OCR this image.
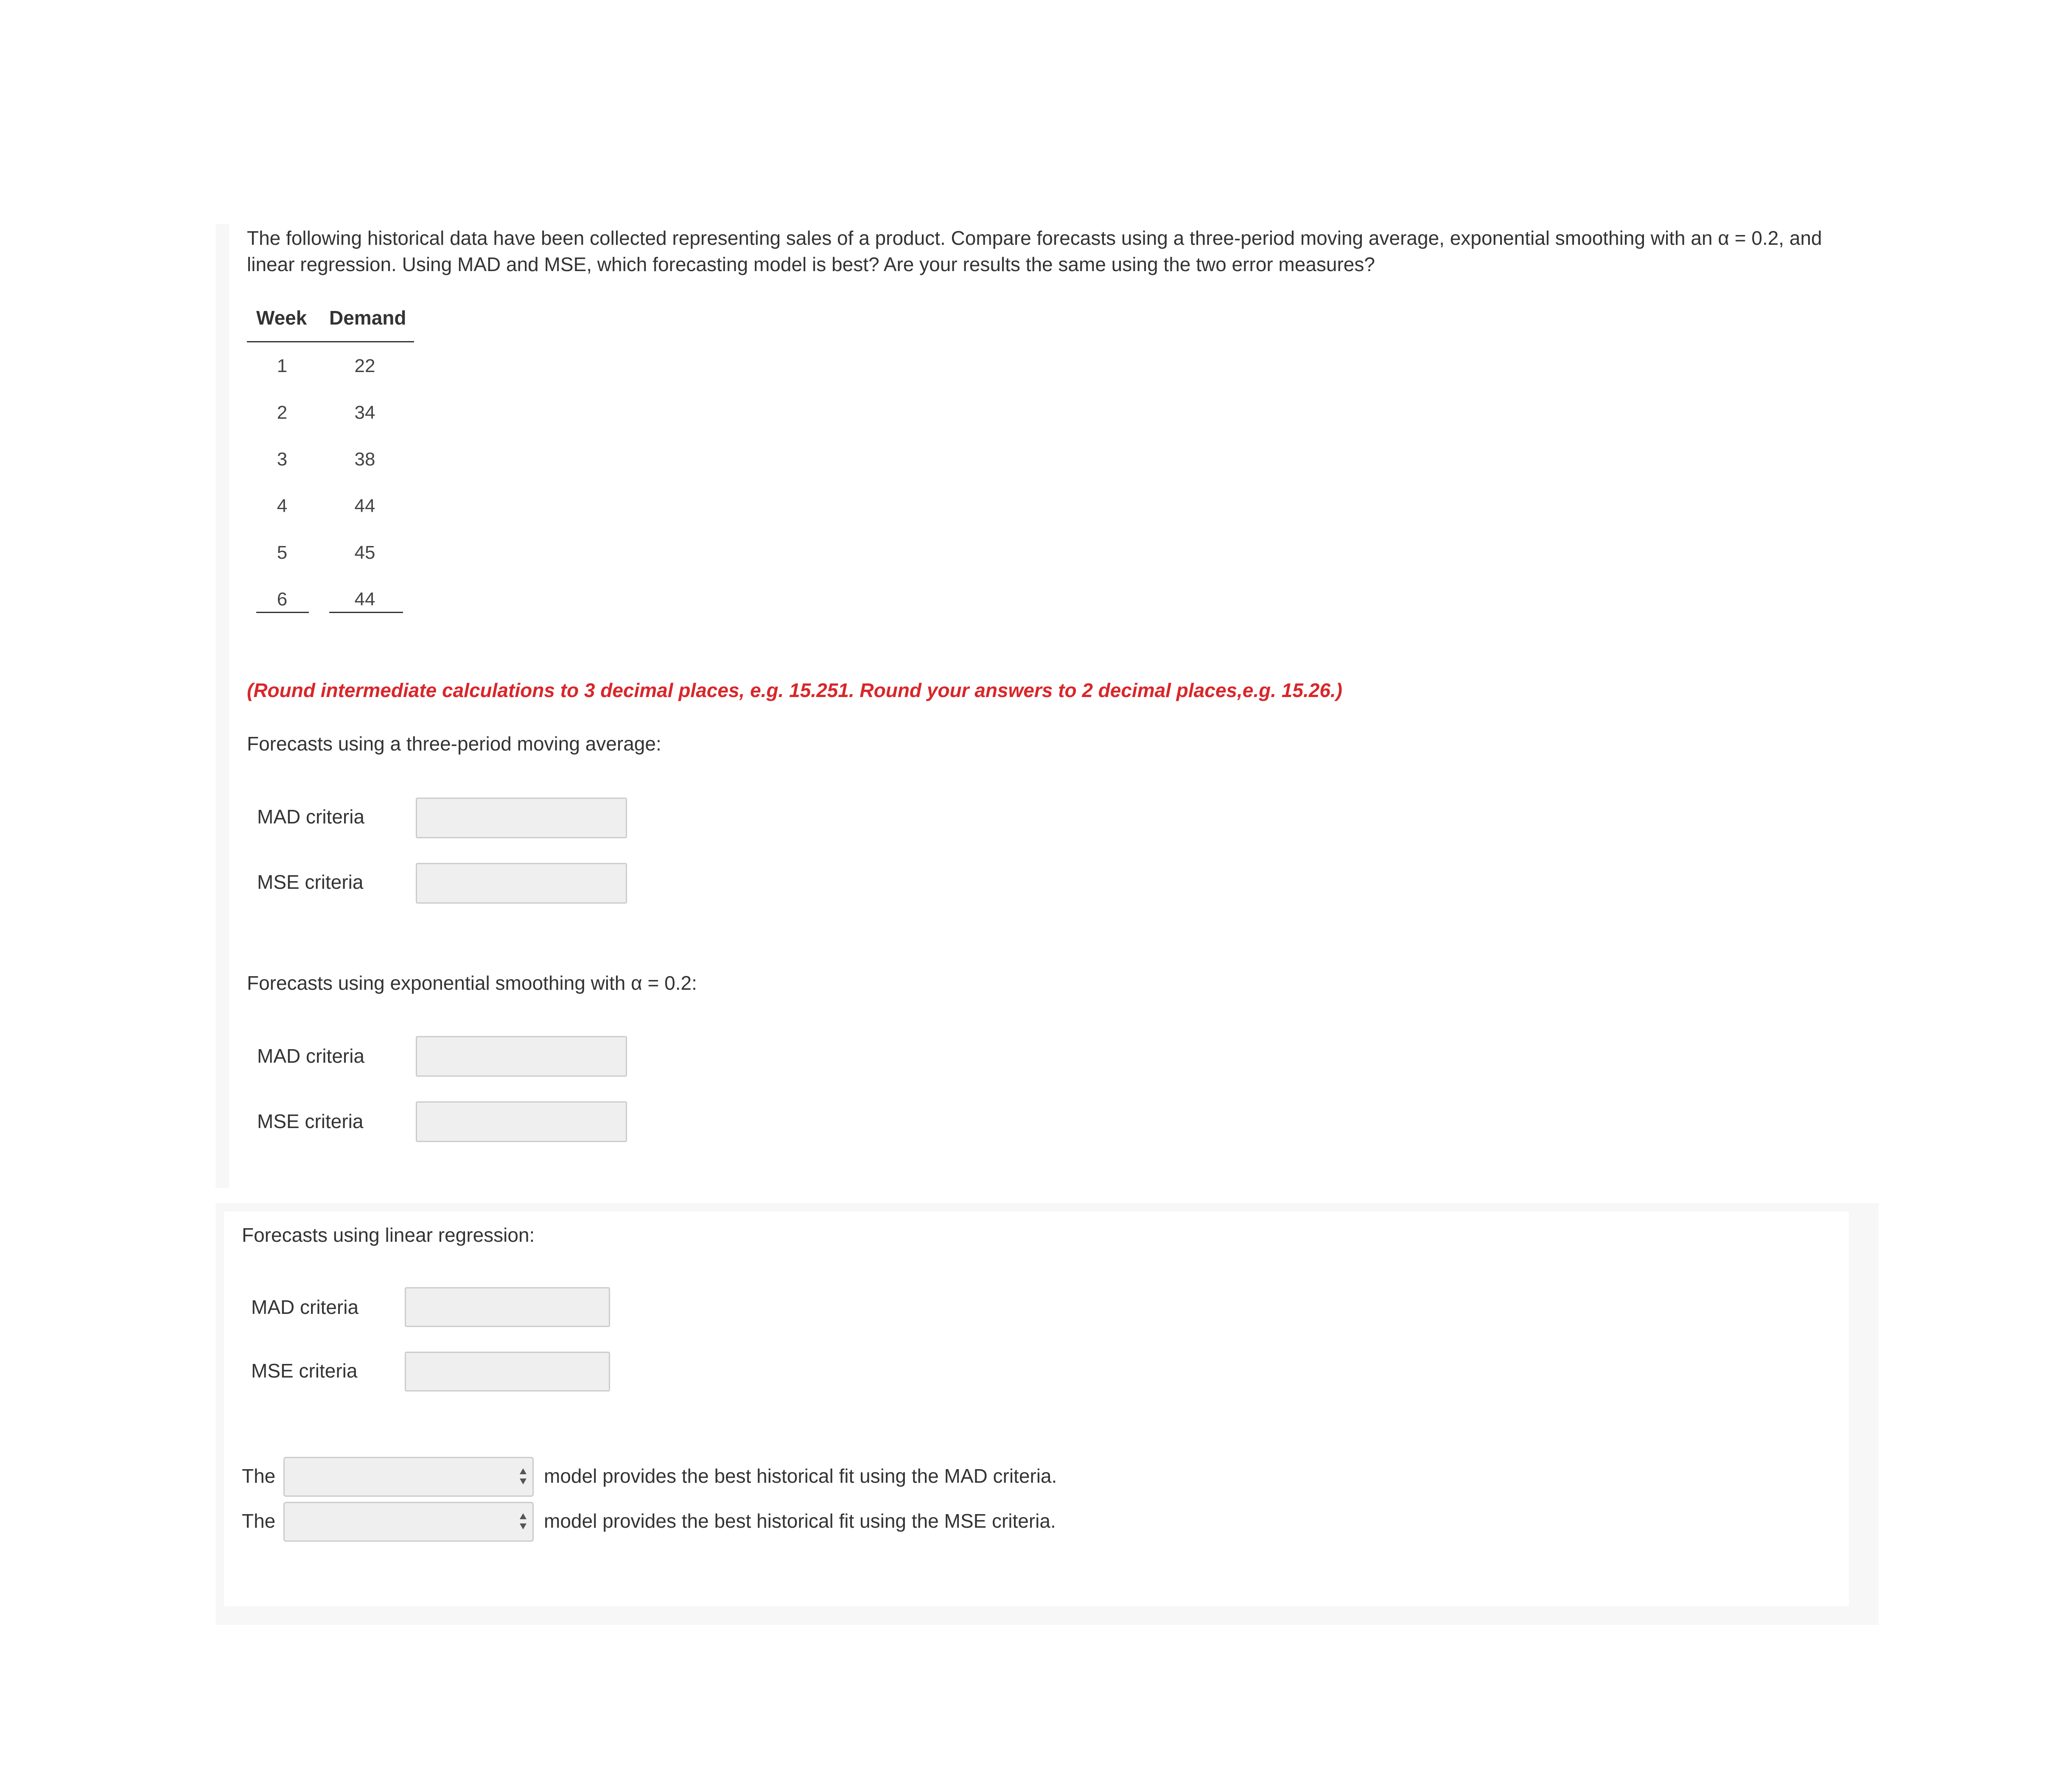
The following historical data have been collected representing sales of a product. Compare forecasts using a three-period moving average, exponential smoothing with an α = 0.2, and linear regression. Using MAD and MSE, which forecasting model is best? Are your results the same using the two error measures?
Week Demand
1	22
2	34
3	38
4	44
5	45
6	44
(Round intermediate calculations to 3 decimal places, e.g. 15.251. Round your answers to 2 decimal places,e.g. 15.26.)
Forecasts using a three-period moving average:
MAD criteria
MSE criteria
Forecasts using exponential smoothing with α = 0.2:
MAD criteria
MSE criteria
Forecasts using linear regression:
MAD criteria
MSE criteria
The	model provides the best historical fit using the MAD criteria.
The	model provides the best historical fit using the MSE criteria.
